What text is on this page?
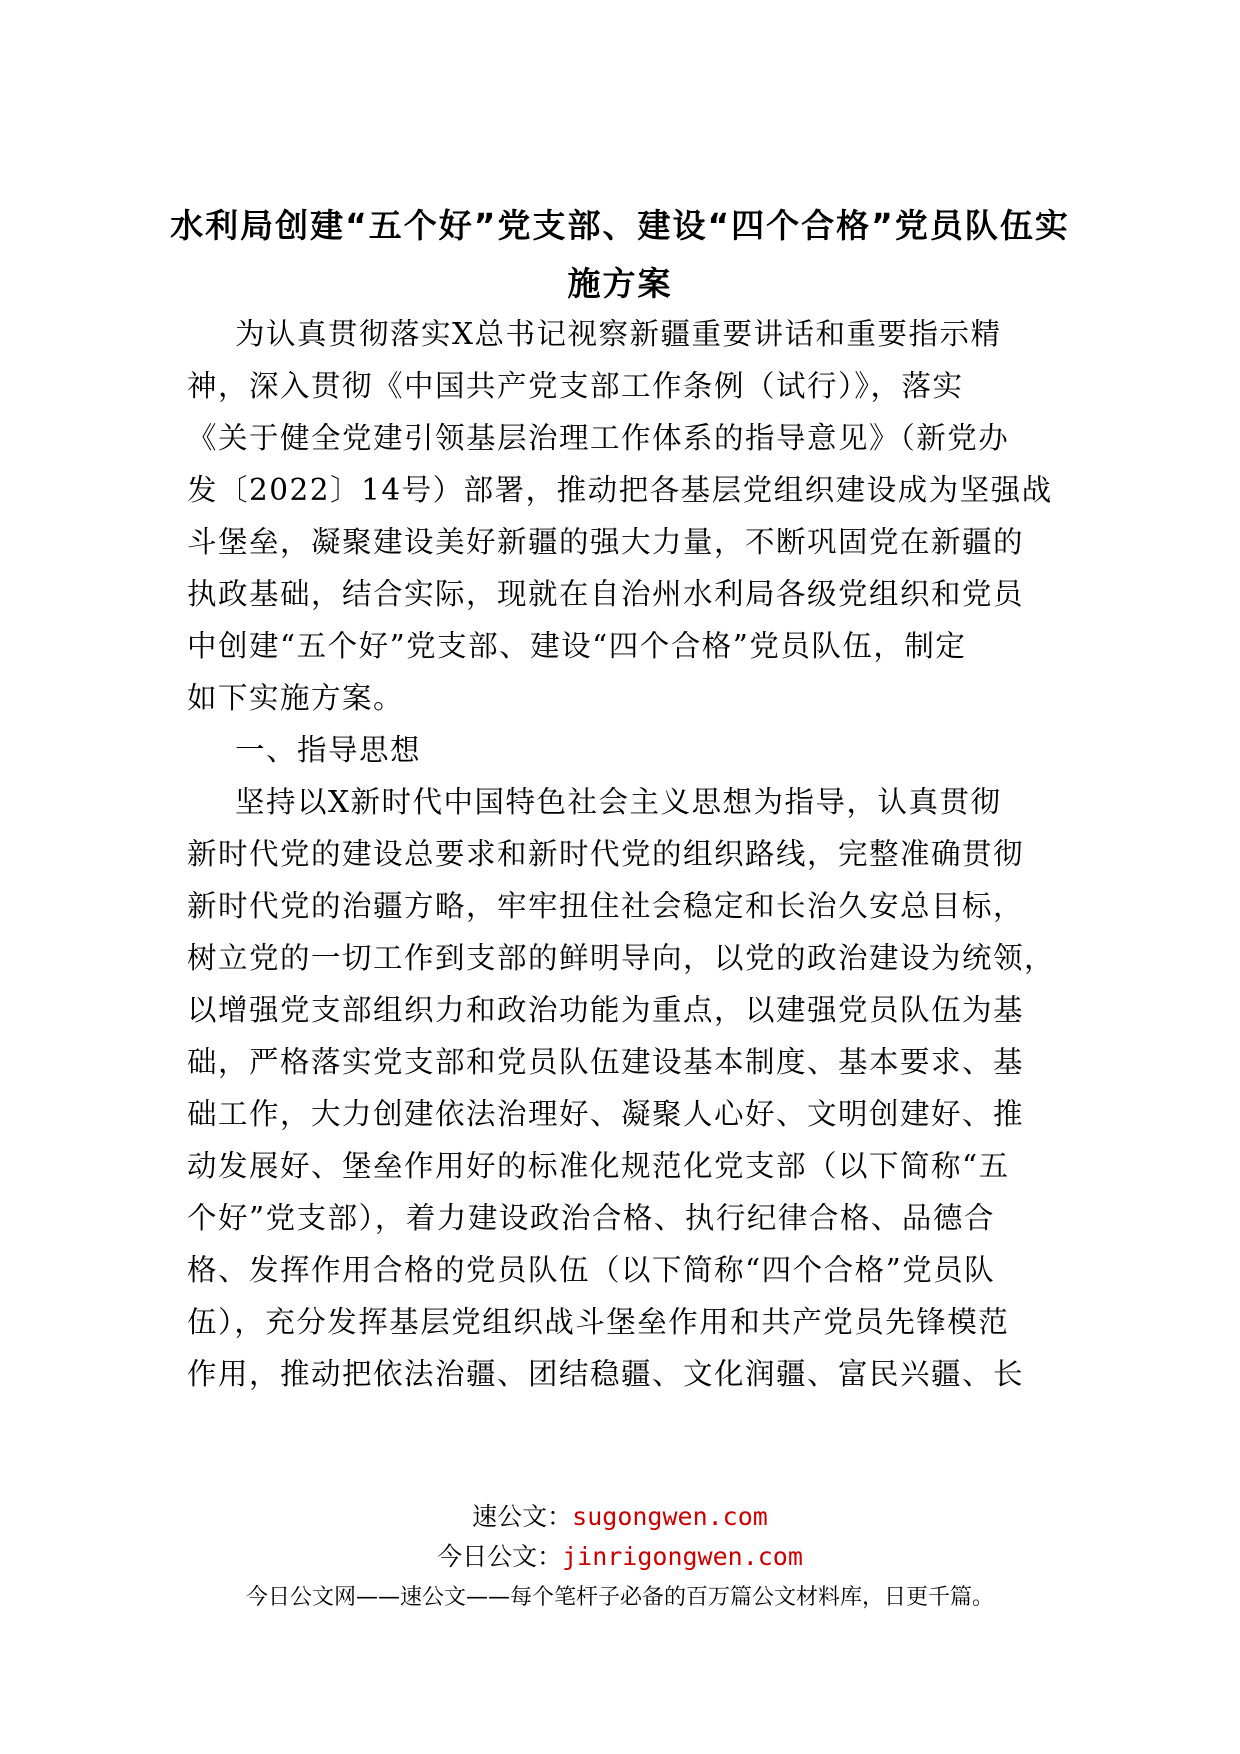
水利局创建“五个好”党支部、建设“四个合格”党员队伍实

施方案

为认真贯彻落实X总书记视察新疆重要讲话和重要指示精

神，深入贯彻《中国共产党支部工作条例（试行）》，落实

《关于健全党建引领基层治理工作体系的指导意见》（新党办

发〔2022〕14号）部署，推动把各基层党组织建设成为坚强战

斗堡垒，凝聚建设美好新疆的强大力量，不断巩固党在新疆的

执政基础，结合实际，现就在自治州水利局各级党组织和党员

中创建“五个好”党支部、建设“四个合格”党员队伍，制定

如下实施方案。

一、指导思想

坚持以X新时代中国特色社会主义思想为指导，认真贯彻

新时代党的建设总要求和新时代党的组织路线，完整准确贯彻

新时代党的治疆方略，牢牢扭住社会稳定和长治久安总目标，

树立党的一切工作到支部的鲜明导向，以党的政治建设为统领，

以增强党支部组织力和政治功能为重点，以建强党员队伍为基

础，严格落实党支部和党员队伍建设基本制度、基本要求、基

础工作，大力创建依法治理好、凝聚人心好、文明创建好、推

动发展好、堡垒作用好的标准化规范化党支部（以下简称“五

个好”党支部），着力建设政治合格、执行纪律合格、品德合

格、发挥作用合格的党员队伍（以下简称“四个合格”党员队

伍），充分发挥基层党组织战斗堡垒作用和共产党员先锋模范

作用，推动把依法治疆、团结稳疆、文化润疆、富民兴疆、长

速公文：sugongwen.com

今日公文：jinrigongwen.com

今日公文网——速公文——每个笔杆子必备的百万篇公文材料库，日更千篇。
